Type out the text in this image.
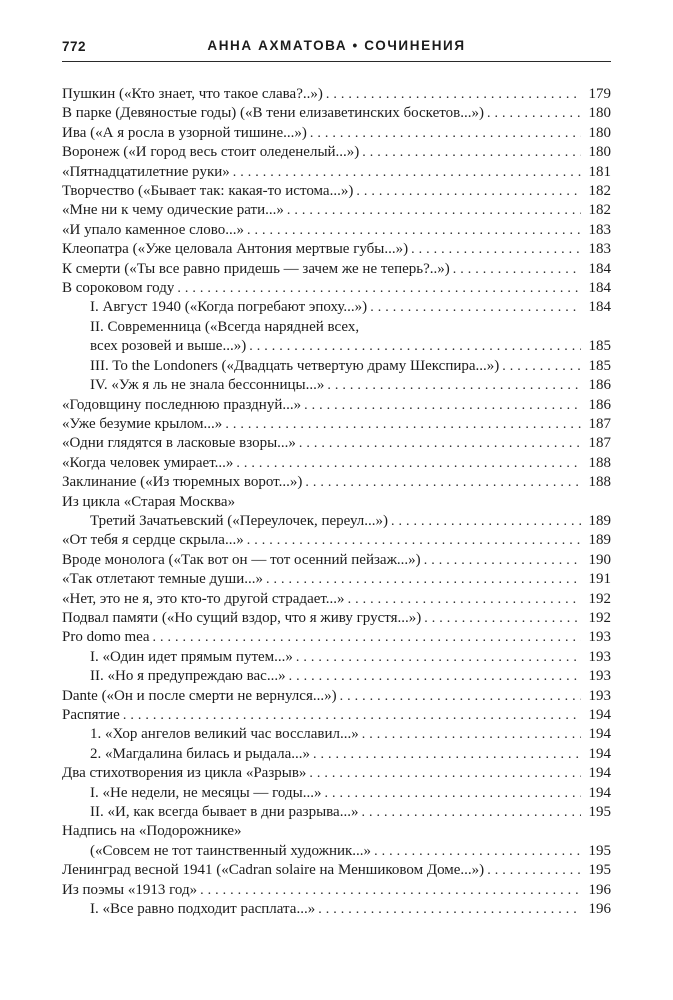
772	АННА АХМАТОВА • СОЧИНЕНИЯ
Пушкин («Кто знает, что такое слава?..») .....	179
В парке (Девяностые годы) («В тени елизаветинских боскетов...») .....	180
Ива («А я росла в узорной тишине...») .....	180
Воронеж («И город весь стоит оледенелый...») .....	180
«Пятнадцатилетние руки» .....	181
Творчество («Бывает так: какая-то истома...») .....	182
«Мне ни к чему одические рати...» .....	182
«И упало каменное слово...» .....	183
Клеопатра («Уже целовала Антония мертвые губы...») .....	183
К смерти («Ты все равно придешь — зачем же не теперь?..») .....	184
В сороковом году .....	184
I. Август 1940 («Когда погребают эпоху...») .....	184
II. Современница («Всегда нарядней всех,
всех розовей и выше...») .....	185
III. To the Londoners («Двадцать четвертую драму Шекспира...») .....	185
IV. «Уж я ль не знала бессонницы...» .....	186
«Годовщину последнюю празднуй...» .....	186
«Уже безумие крылом...» .....	187
«Одни глядятся в ласковые взоры...» .....	187
«Когда человек умирает...» .....	188
Заклинание («Из тюремных ворот...») .....	188
Из цикла «Старая Москва»
Третий Зачатьевский («Переулочек, переул...») .....	189
«От тебя я сердце скрыла...» .....	189
Вроде монолога («Так вот он — тот осенний пейзаж...») .....	190
«Так отлетают темные души...» .....	191
«Нет, это не я, это кто-то другой страдает...» .....	192
Подвал памяти («Но сущий вздор, что я живу грустя...») .....	192
Pro domo mea .....	193
I. «Один идет прямым путем...» .....	193
II. «Но я предупреждаю вас...» .....	193
Dante («Он и после смерти не вернулся...») .....	193
Распятие .....	194
1. «Хор ангелов великий час восславил...» .....	194
2. «Магдалина билась и рыдала...» .....	194
Два стихотворения из цикла «Разрыв» .....	194
I. «Не недели, не месяцы — годы...» .....	194
II. «И, как всегда бывает в дни разрыва...» .....	195
Надпись на «Подорожнике»
(«Совсем не тот таинственный художник...» .....	195
Ленинград весной 1941 («Cadran solaire на Меншиковом Доме...») .....	195
Из поэмы «1913 год» .....	196
I. «Все равно подходит расплата...» .....	196
